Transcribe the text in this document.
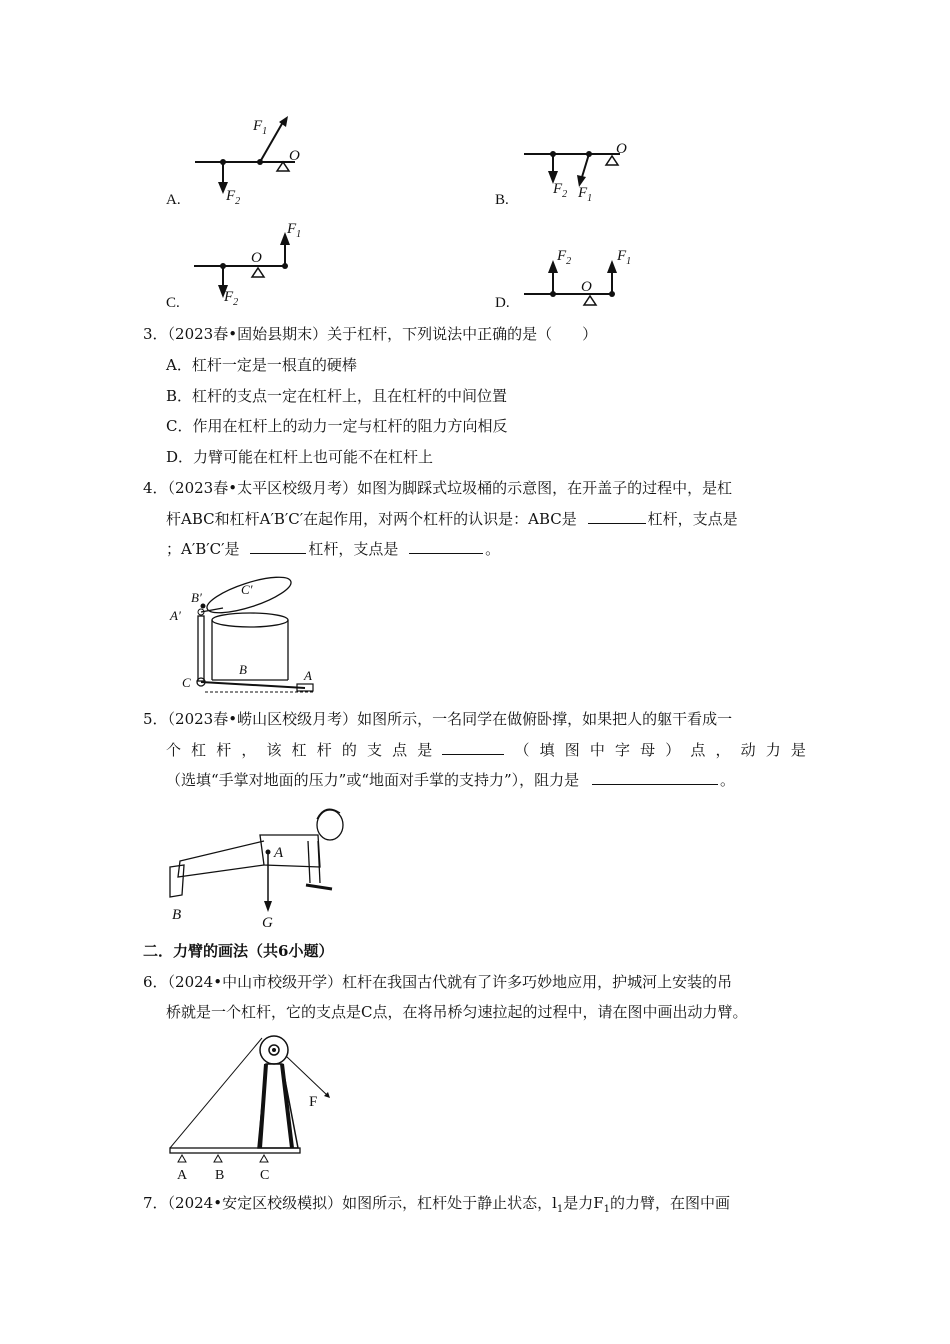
A.
$F_1$
O
$F_2$	B.
O
$F_2$ $F_1$
C.
O
$F_1$
$F_2$	D.
O
$F_2$	$F_1$
3．（2023春•固始县期末）关于杠杆，下列说法中正确的是（　　）
A．杠杆一定是一根直的硬棒
B．杠杆的支点一定在杠杆上，且在杠杆的中间位置
C．作用在杠杆上的动力一定与杠杆的阻力方向相反
D．力臂可能在杠杆上也可能不在杠杆上
4．（2023春•太平区校级月考）如图为脚踩式垃圾桶的示意图，在开盖子的过程中，是杠
杆ABC和杠杆A′B′C′在起作用，对两个杠杆的认识是：ABC是	杠杆，支点是
；A′B′C′是	杠杆，支点是	。
B′
C′
A′
B
C	A
5．（2023春•崂山区校级月考）如图所示，一名同学在做俯卧撑，如果把人的躯干看成一
个 杠 杆 ， 该 杠 杆 的 支 点 是	（ 填 图 中 字 母 ） 点 ， 动 力 是
（选填“手掌对地面的压力”或“地面对手掌的支持力”），阻力是	。
A
B	G
二．力臂的画法（共6小题）
6．（2024•中山市校级开学）杠杆在我国古代就有了许多巧妙地应用，护城河上安装的吊
桥就是一个杠杆，它的支点是C点，在将吊桥匀速拉起的过程中，请在图中画出动力臂。
F
A B	C
7．（2024•安定区校级模拟）如图所示，杠杆处于静止状态，$l_1$是力$F_1$的力臂，在图中画
